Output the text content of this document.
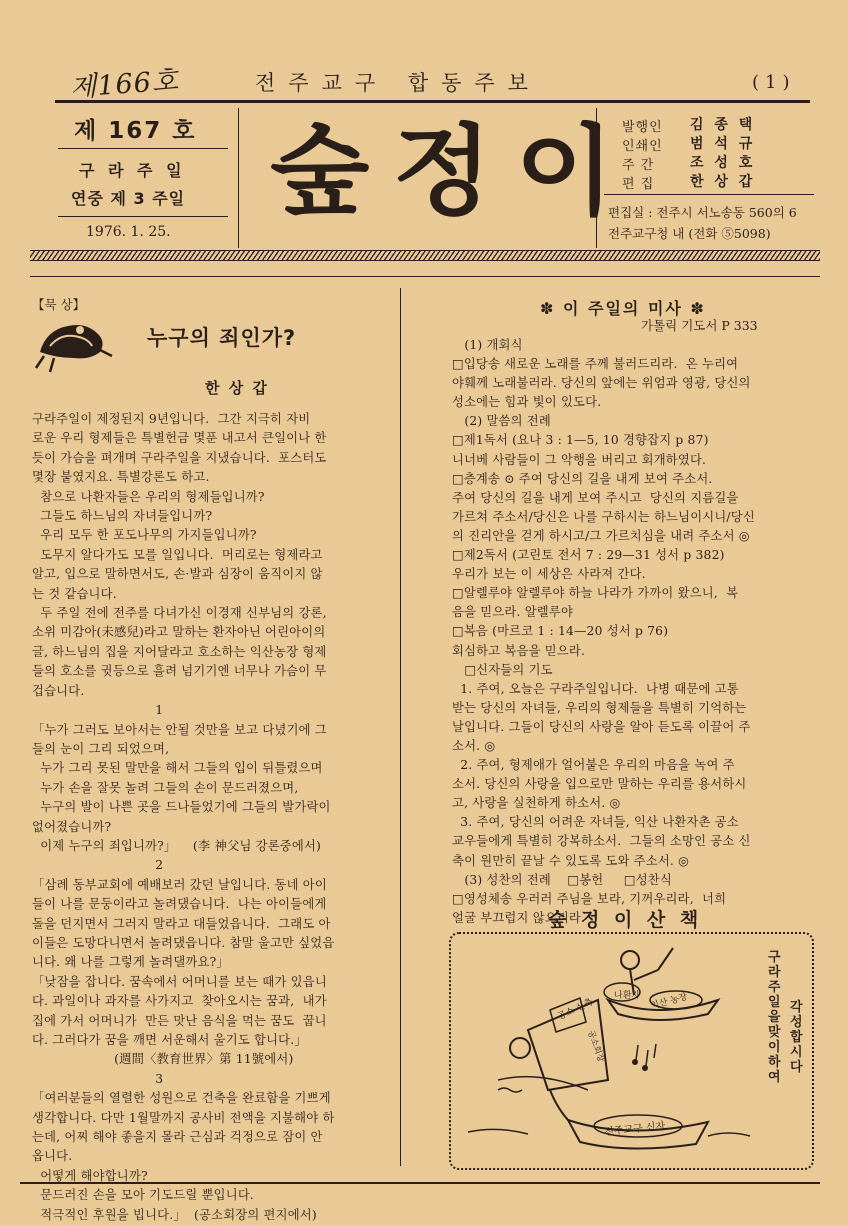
제166호	전주교구 합동주보	(1)
제 167 호
구 라 주 일
연중 제 3 주일
1976. 1. 25.
숲 정 이 발행인 김 종 택
인쇄인 범 석 규
주 간	조 성 호
편 집	한 상 갑
편집실 : 전주시 서노송동 560의 6
전주교구청 내 (전화 ⑤5098)
【묵 상】
누구의 죄인가?
한 상 갑
구라주일이 제정된지 9년입니다.  그간 지극히 자비
로운 우리 형제들은 특별헌금 몇푼 내고서 큰일이나 한
듯이 가슴을 펴개며 구라주일을 지냈습니다.  포스터도
몇장 붙였지요. 특별강론도 하고.
참으로 나환자들은 우리의 형제들입니까?
그들도 하느님의 자녀들입니까?
우리 모두 한 포도나무의 가지들입니까?
도무지 알다가도 모를 일입니다.  머리로는 형제라고
알고, 입으로 말하면서도, 손·발과 심장이 움직이지 않
는 것 같습니다.
두 주일 전에 전주를 다녀가신 이경재 신부님의 강론,
소위 미감아(未感兒)라고 말하는 환자아닌 어린아이의
글, 하느님의 집을 지어달라고 호소하는 익산농장 형제
들의 호소를 귓등으로 흘려 넘기기엔 너무나 가슴이 무
겁습니다.
1
「누가 그러도 보아서는 안될 것만을 보고 다녔기에 그
들의 눈이 그리 되었으며,
누가 그리 못된 말만을 해서 그들의 입이 뒤틀렸으며
누가 손을 잘못 놀려 그들의 손이 문드러졌으며,
누구의 발이 나쁜 곳을 드나들었기에 그들의 발가락이
없어졌습니까?
이제 누구의 죄입니까?」    (李 神父님 강론중에서)
2
「삼례 동부교회에 예배보러 갔던 날입니다. 동네 아이
들이 나를 문둥이라고 놀려댔습니다.  나는 아이들에게
돌을 던지면서 그러지 말라고 대들었읍니다.  그래도 아
이들은 도망다니면서 놀려댔읍니다. 참말 울고만 싶었읍
니다. 왜 나를 그렇게 놀려댈까요?」
「낮잠을 잡니다. 꿈속에서 어머니를 보는 때가 있읍니
다. 과일이나 과자를 사가지고  찾아오시는 꿈과,  내가
집에 가서 어머니가  만든 맛난 음식을 먹는 꿈도  꿉니
다. 그러다가 꿈을 깨면 서운해서 울기도 합니다.」
(週間〈教育世界〉第 11號에서)
3
「여러분들의 열렬한 성원으로 건축을 완료함을 기쁘게
생각합니다. 다만 1월말까지 공사비 전액을 지불해야 하
는데, 어찌 해야 좋을지 몰라 근심과 걱정으로 잠이 안
옵니다.
어떻게 해야합니까?
문드러진 손을 모아 기도드릴 뿐입니다.
적극적인 후원을 빕니다.」  (공소회장의 편지에서)
✽ 이 주일의 미사 ✽
가톨릭 기도서 P 333
(1) 개회식
□입당송 새로운 노래를 주께 불러드리라.  온 누리여
야훼께 노래불러라. 당신의 앞에는 위엄과 영광, 당신의
성소에는 힘과 빛이 있도다.
(2) 말씀의 전례
□제1독서 (요나 3 : 1—5, 10 경향잡지 p 87)
니너베 사람들이 그 악행을 버리고 회개하였다.
□층계송 ⊙ 주여 당신의 길을 내게 보여 주소서.
주여 당신의 길을 내게 보여 주시고  당신의 지름길을
가르쳐 주소서/당신은 나를 구하시는 하느님이시니/당신
의 진리안을 걷게 하시고/그 가르치심을 내려 주소서 ◎
□제2독서 (고린토 전서 7 : 29—31 성서 p 382)
우리가 보는 이 세상은 사라져 간다.
□알렐루야 알렐루야 하늘 나라가 가까이 왔으니,  복
음을 믿으라. 알렐루야
□복음 (마르코 1 : 14—20 성서 p 76)
회심하고 복음을 믿으라.
□신자들의 기도
1. 주여, 오늘은 구라주일입니다.  나병 때문에 고통
받는 당신의 자녀들, 우리의 형제들을 특별히 기억하는
날입니다. 그들이 당신의 사랑을 알아 듣도록 이끌어 주
소서. ◎
2. 주여, 형제애가 얼어붙은 우리의 마음을 녹여 주
소서. 당신의 사랑을 입으로만 말하는 우리를 용서하시
고, 사랑을 실천하게 하소서. ◎
3. 주여, 당신의 어려운 자녀들, 익산 나환자촌 공소
교우들에게 특별히 강복하소서.  그들의 소망인 공소 신
축이 원만히 끝날 수 있도록 도와 주소서. ◎
(3) 성찬의 전례    □봉헌     □성찬식
□영성체송 우러러 주님을 보라, 기꺼우리라,  너희
얼굴 부끄럽지 않으리라.
숲 정 이 산 책
공소 신축
나환자
전주교구 신자
익산 농장
공소회장
구라주일을 맞이하여
각성합시다
